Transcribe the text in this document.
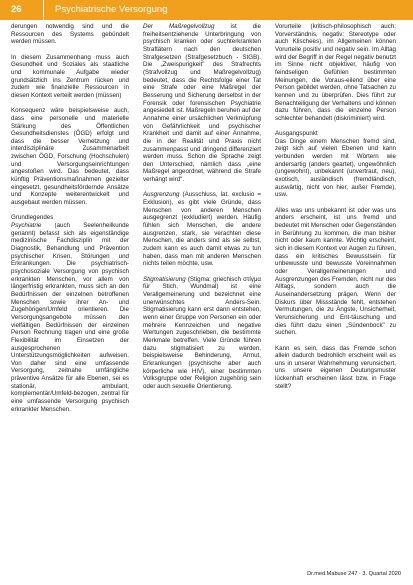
26	Psychiatrische Versorgung

derungen notwendig sind und die Ressourcen des Systems gebündelt werden müssen.

In diesem Zusammenhang muss auch Gesundheit und Soziales als staatliche und kommunale Aufgabe wieder grundsätzlich ins Zentrum rücken und zudem wie finanzielle Ressourcen in diesen Kontext verteilt werden (müssen)

Konsequenz wäre beispielsweise auch, dass eine personelle und materielle Stärkung des Öffentlichen Gesundheitsdienstes (ÖGD) erfolgt und dass die besser Vernetzung und interdisziplinäre Zusammenarbeit zwischen ÖGD, Forschung (Hochschulen) und Versorgungseinrichtungen angestoßen wird. Das bedeutet, dass künftig Präventionsmaßnahmen gezielter eingesetzt, gesundheitsfördernde Ansätze und Konzepte weiterentwickelt und ausgebaut werden müssen.

Grundlegendes

Psychiatrie (auch Seelenheilkunde genannt) befasst sich als eigenständige medizinische Fachdisziplin mit der Diagnostik, Behandlung und Prävention psychischer Krisen, Störungen und Erkrankungen. Die psychiatrisch-psychosoziale Versorgung von psychisch erkrankten Menschen, vor allem von längerfristig erkrankten, muss sich an den Bedürfnissen der einzelnen betroffenen Menschen sowie ihrer An- und Zugehörigen/Umfeld orientieren. Die Versorgungsangebote müssen den vielfältigen Bedürfnissen der einzelnen Person Rechnung tragen und eine große Flexibilität im Einsetzen der ausgesprochenen Unterstützungsmöglichkeiten aufweisen. Von daher sind eine umfassende Versorgung, zeitnahe umfängliche präventive Ansätze für alle Ebenen, sei es stationär, ambulant, komplementär/Umfeld-bezogen, zentral für eine umfassende Versorgung psychisch erkrankter Menschen.

Der Maßregelvollzug ist die freiheitsentziehende Unterbringung von psychisch kranken oder suchterkrankten Straftätern nach den deutschen Strafgesetzen (Strafgesetzbuch - StGB). Die „Zweispurigkeit" des Strafrechts (Strafvollzug und Maßregelvollzug) bedeutet, dass die Rechtsfolge einer Tat eine Strafe oder eine Maßregel der Besserung und Sicherung derselbst in der Forensik oder forensischen Psychiatrie angesiedelt ist. Maßregeln beruhen auf der Annahme einer ursächlichen Verknüpfung von Gefährlichkeit und psychischer Krankheit und damit auf einer Annahme, die in der Realität und Praxis nicht zusammenpasst und dringend differenziert werden muss. Schon die Sprache zeigt den Unterschied, nämlich dass „eine Maßregel angeordnet, während die Strafe verhängt wird".

Ausgrenzung (Ausschluss, lat. exclusio = Exklusion), es gibt viele Gründe, dass Menschen von anderen Menschen ausgegrenzt (exkludiert) werden. Häufig fühlen sich Menschen, die andere ausgrenzen, stark, sie verachten diese Menschen, die anders sind als sie selbst, zudem kann es auch damit etwas zu tun haben, dass man mit anderen Menschen nichts teilen möchte, usw.

Stigmatisierung (Stigma: griechisch στίγμα für Stich, Wundmal) ist eine Verallgemeinerung und bezeichnet eine unerwünschtes Anders-Sein. Stigmatisierung kann erst dann entstehen, wenn einer Gruppe von Personen ein oder mehrere Kennzeichen und negative Wertungen zugeschrieben, die bestimmte Merkmale betreffen. Viele Gründe führen dazu stigmatisiert zu werden, beispielsweise Behinderung, Armut, Erkrankungen (psychische aber auch körperliche wie HIV), einer bestimmten Volksgruppe oder Religion zugehörig sein oder auch sexuelle Orientierung.

Vorurteile (kritisch-philosophisch auch: Vorverständnis, negativ: Stereotype oder auch Klischees), im Allgemeinen können Vorurteile positiv und negativ sein. Im Alltag wird der Begriff in der Regel negativ benutzt im Sinne nicht objektiver, häufig von feindseligen Gefühlen bestimmten Meinungen, die Voraus-eilend über eine Person gebildet werden, ohne Tatsachen zu kennen und zu überprüfen. Dies führt zur Benachteiligung der Verhaltens und können dazu führen, dass die einzelne Person schlechter behandelt (diskriminiert) wird.

Ausgangspunkt

Das Dinge einem Menschen fremd sind, zeigt sich auf vielen Ebenen und kann verbunden werden mit Wörtern wie andersartig (anders geartet), ungewöhnlich (ungewohnt), unbekannt (unvertraut, neu), exotisch, ausländisch (fremdländisch, auswärtig, nicht von hier, außer Fremde), usw.

Alles was uns unbekannt ist oder was uns anders erscheint, ist uns fremd und bedeutet mit Menschen oder Gegenständen in Berührung zu kommen, die man bisher nicht oder kaum kannte. Wichtig erscheint, sich in diesem Kontext vor Augen zu führen, dass ein kritisches Bewusstsein für unbewusste und bewusste Voreinnahmen oder Verallgemeinerungen und Ausgrenzungen des Fremden, nicht nur des Alltags, sondern auch die Auseinandersetzung prägen. Wenn der Diskurs über Missstände fehlt, entstehen Vermutungen, die zu Ängste, Unsicherheit, Verunsicherung und Ent-täuschung und dies führt dazu einen „Sündenbock" zu suchen.

Kann es sein, dass das Fremde schon allein dadurch bedrohlich erscheint weil es uns in unserer Wahrnehmung verunsichert, uns unsere eigenen Deutungsmuster lückenhaft erscheinen lässt bzw. in Frage stellt?

Dr.med.Mabuse 247 · 3. Quartal 2020
